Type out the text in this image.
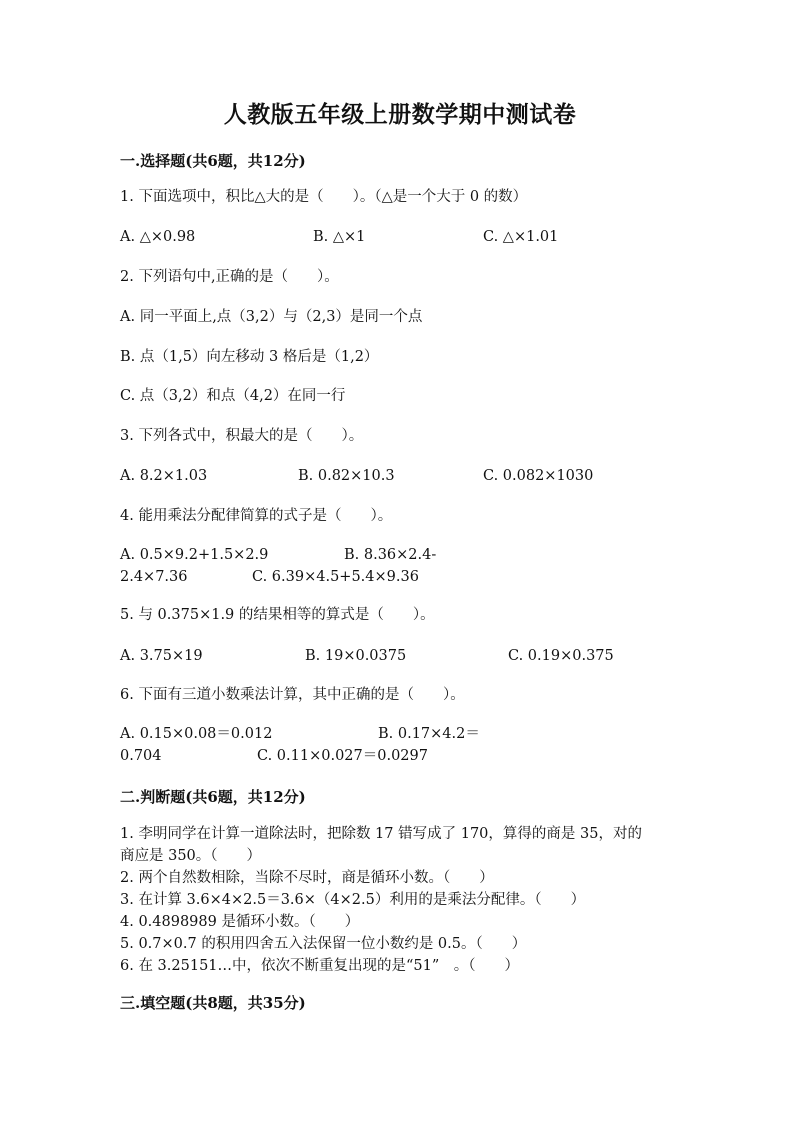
人教版五年级上册数学期中测试卷
一.选择题(共6题，共12分)
1. 下面选项中，积比△大的是（　　）。（△是一个大于 0 的数）
A. △×0.98	B. △×1	C. △×1.01
2. 下列语句中,正确的是（　　）。
A. 同一平面上,点（3,2）与（2,3）是同一个点
B. 点（1,5）向左移动 3 格后是（1,2）
C. 点（3,2）和点（4,2）在同一行
3. 下列各式中，积最大的是（　　）。
A. 8.2×1.03	B. 0.82×10.3	C. 0.082×1030
4. 能用乘法分配律简算的式子是（　　）。
A. 0.5×9.2+1.5×2.9	B. 8.36×2.4-
2.4×7.36	C. 6.39×4.5+5.4×9.36
5. 与 0.375×1.9 的结果相等的算式是（　　）。
A. 3.75×19	B. 19×0.0375	C. 0.19×0.375
6. 下面有三道小数乘法计算，其中正确的是（　　）。
A. 0.15×0.08＝0.012	B. 0.17×4.2＝
0.704	C. 0.11×0.027＝0.0297
二.判断题(共6题，共12分)
1. 李明同学在计算一道除法时，把除数 17 错写成了 170，算得的商是 35，对的
商应是 350。（　　）
2. 两个自然数相除，当除不尽时，商是循环小数。（　　）
3. 在计算 3.6×4×2.5＝3.6×（4×2.5）利用的是乘法分配律。（　　）
4. 0.4898989 是循环小数。（　　）
5. 0.7×0.7 的积用四舍五入法保留一位小数约是 0.5。（　　）
6. 在 3.25151…中，依次不断重复出现的是“51”　。（　　）
三.填空题(共8题，共35分)
